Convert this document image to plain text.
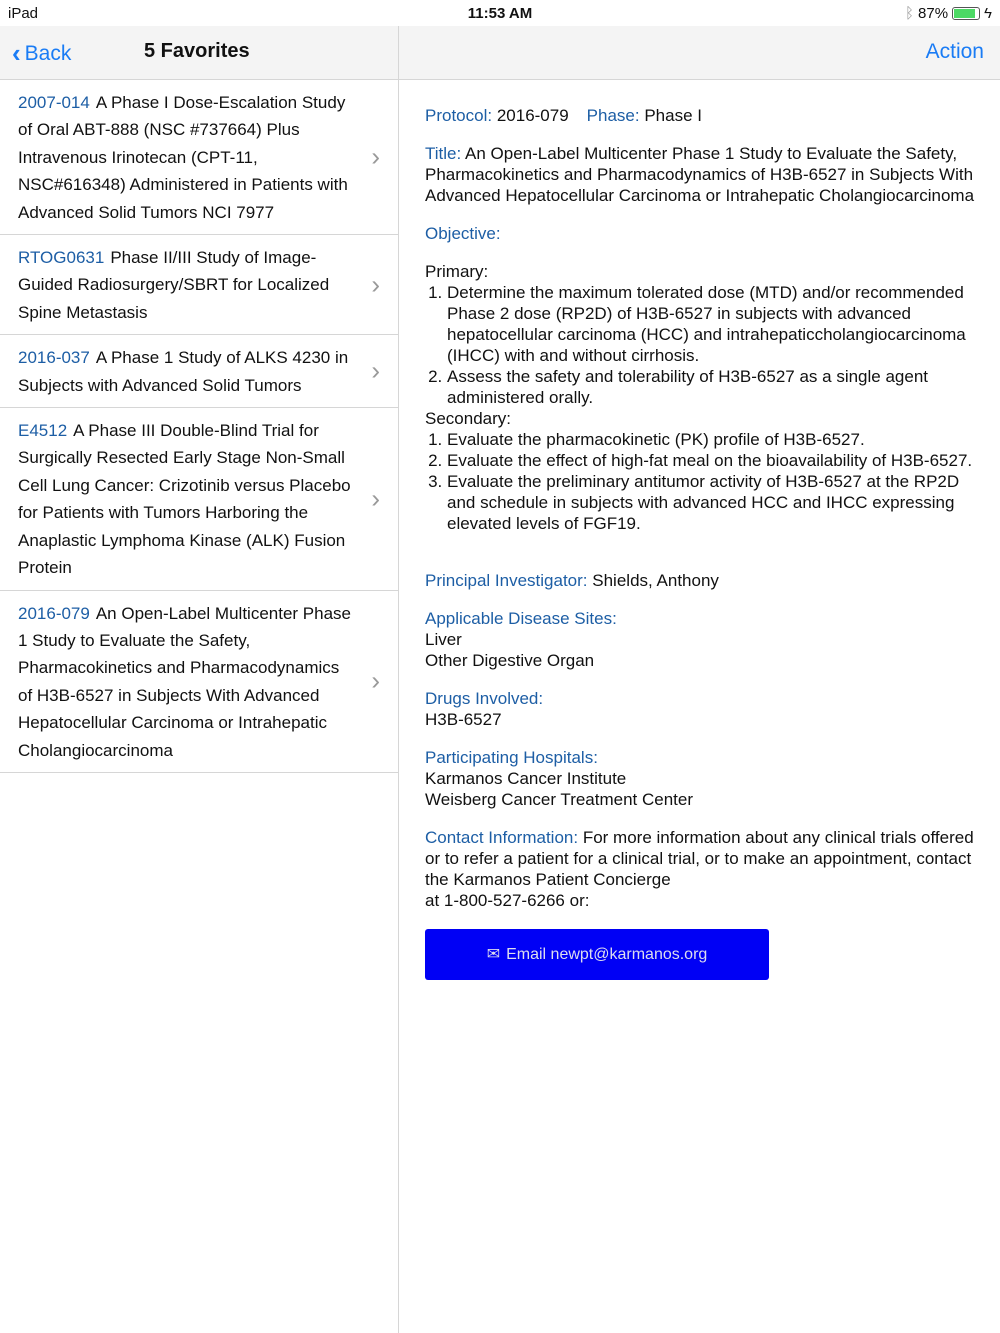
iPad	11:53 AM	ᛒ 87% ϟ
‹ Back	5 Favorites	Action
2007-014 A Phase I Dose-Escalation Study of Oral ABT-888 (NSC #737664) Plus Intravenous Irinotecan (CPT-11, NSC#616348) Administered in Patients with Advanced Solid Tumors NCI 7977
›
RTOG0631 Phase II/III Study of Image-Guided Radiosurgery/SBRT for Localized Spine Metastasis
›
2016-037 A Phase 1 Study of ALKS 4230 in Subjects with Advanced Solid Tumors	›
E4512 A Phase III Double-Blind Trial for Surgically Resected Early Stage Non-Small Cell Lung Cancer: Crizotinib versus Placebo for Patients with Tumors Harboring the Anaplastic Lymphoma Kinase (ALK) Fusion Protein
›
2016-079 An Open-Label Multicenter Phase 1 Study to Evaluate the Safety, Pharmacokinetics and Pharmacodynamics of H3B-6527 in Subjects With Advanced Hepatocellular Carcinoma or Intrahepatic Cholangiocarcinoma
›
Protocol: 2016-079 Phase: Phase I
Title: An Open-Label Multicenter Phase 1 Study to Evaluate the Safety, Pharmacokinetics and Pharmacodynamics of H3B-6527 in Subjects With Advanced Hepatocellular Carcinoma or Intrahepatic Cholangiocarcinoma
Objective:
Primary:
1. Determine the maximum tolerated dose (MTD) and/or recommended Phase 2 dose (RP2D) of H3B-6527 in subjects with advanced hepatocellular carcinoma (HCC) and intrahepaticcholangiocarcinoma (IHCC) with and without cirrhosis.
2. Assess the safety and tolerability of H3B-6527 as a single agent administered orally.
Secondary:
1. Evaluate the pharmacokinetic (PK) profile of H3B-6527.
2. Evaluate the effect of high-fat meal on the bioavailability of H3B-6527.
3. Evaluate the preliminary antitumor activity of H3B-6527 at the RP2D and schedule in subjects with advanced HCC and IHCC expressing elevated levels of FGF19.
Principal Investigator: Shields, Anthony
Applicable Disease Sites:
Liver
Other Digestive Organ
Drugs Involved:
H3B-6527
Participating Hospitals:
Karmanos Cancer Institute
Weisberg Cancer Treatment Center
Contact Information: For more information about any clinical trials offered or to refer a patient for a clinical trial, or to make an appointment, contact the Karmanos Patient Concierge
at 1-800-527-6266 or:
✉ Email newpt@karmanos.org
